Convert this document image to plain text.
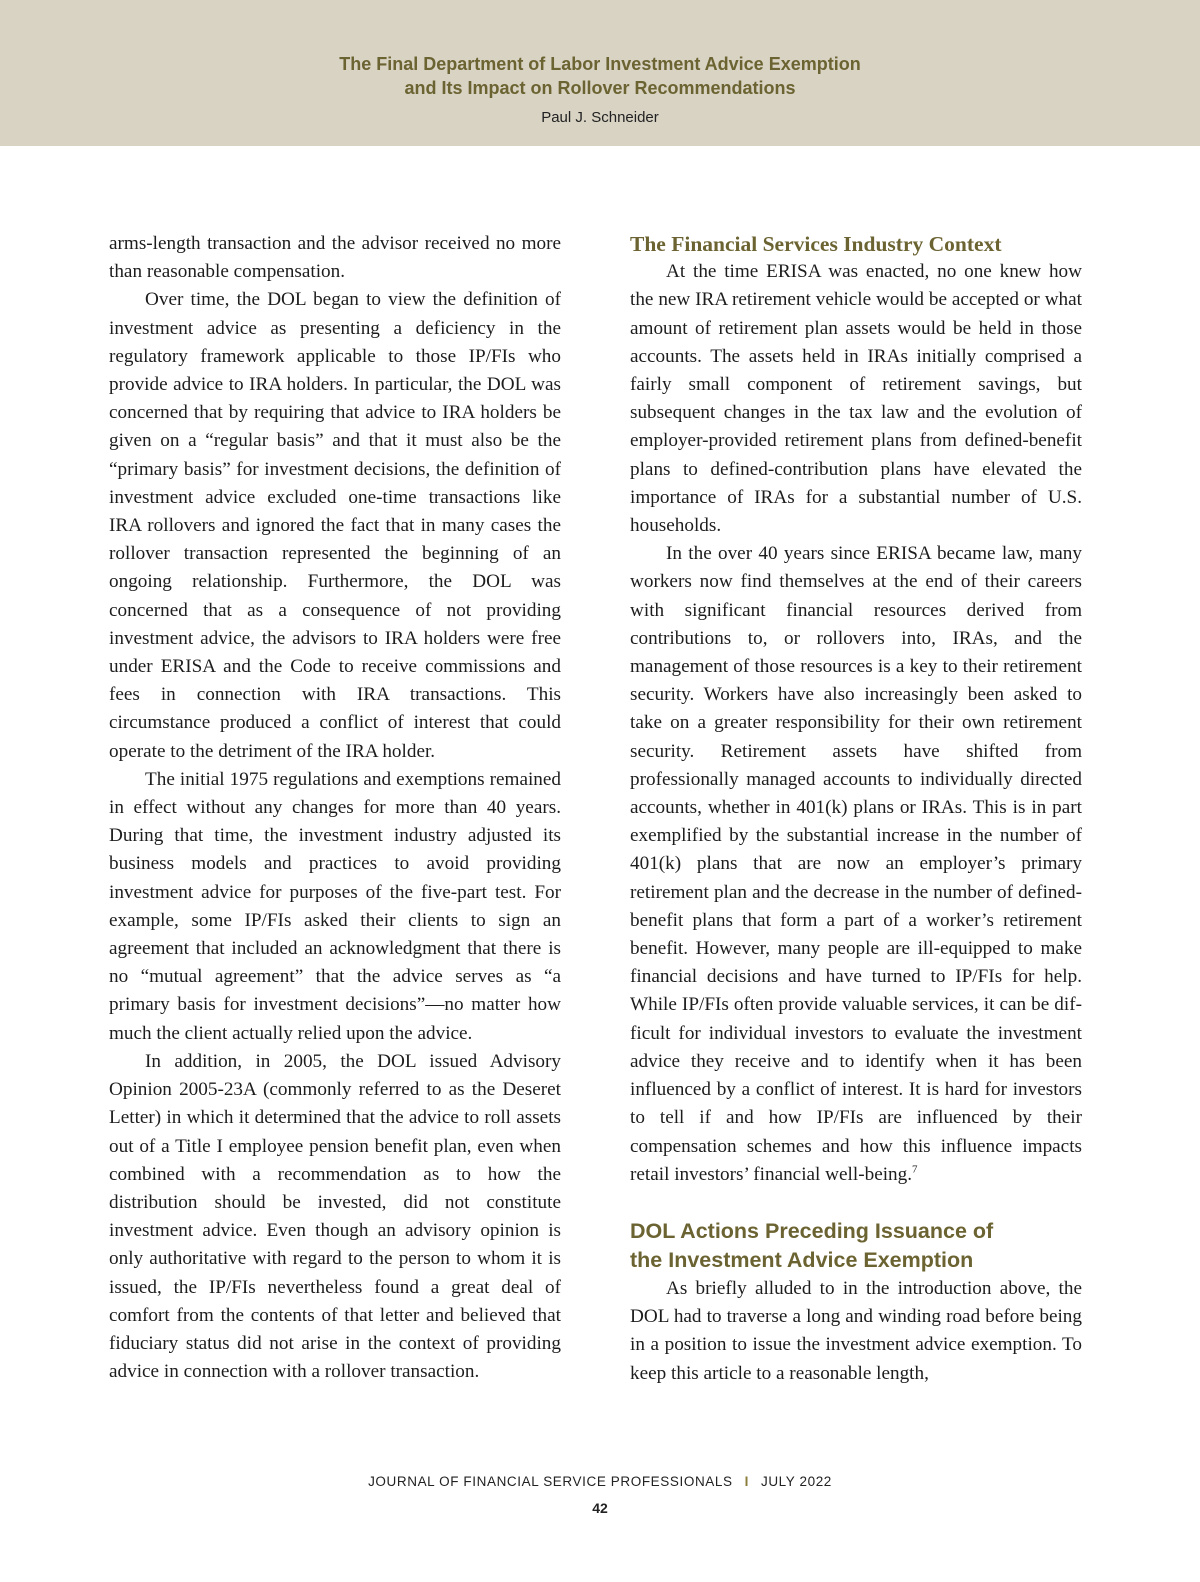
The Final Department of Labor Investment Advice Exemption
and Its Impact on Rollover Recommendations
Paul J. Schneider

arms-length transaction and the advisor received no more than reasonable compensation.

Over time, the DOL began to view the definition of investment advice as presenting a deficiency in the regulatory framework applicable to those IP/FIs who provide advice to IRA holders. In particular, the DOL was concerned that by requiring that advice to IRA holders be given on a “regular basis” and that it must also be the “primary basis” for investment decisions, the definition of investment advice excluded one-time transactions like IRA rollovers and ignored the fact that in many cases the rollover transaction represented the beginning of an ongoing relationship. Furthermore, the DOL was concerned that as a consequence of not providing investment advice, the advisors to IRA holders were free under ERISA and the Code to receive commissions and fees in connection with IRA transactions. This circumstance produced a conflict of interest that could operate to the detriment of the IRA holder.

The initial 1975 regulations and exemptions remained in effect without any changes for more than 40 years. During that time, the investment industry adjusted its business models and practices to avoid providing investment advice for purposes of the five-part test. For example, some IP/FIs asked their clients to sign an agreement that included an acknowledgment that there is no “mutual agreement” that the advice serves as “a primary basis for investment decisions”—no matter how much the client actually relied upon the advice.

In addition, in 2005, the DOL issued Advisory Opinion 2005-23A (commonly referred to as the Deseret Letter) in which it determined that the advice to roll assets out of a Title I employee pension benefit plan, even when combined with a recommendation as to how the distribution should be invested, did not constitute investment advice. Even though an advisory opinion is only authoritative with regard to the person to whom it is issued, the IP/FIs nevertheless found a great deal of comfort from the contents of that letter and believed that fiduciary status did not arise in the context of providing advice in connection with a rollover transaction.

The Financial Services Industry Context

At the time ERISA was enacted, no one knew how the new IRA retirement vehicle would be accepted or what amount of retirement plan assets would be held in those accounts. The assets held in IRAs initially comprised a fairly small component of retirement savings, but subsequent changes in the tax law and the evolution of employer-provided retirement plans from defined-benefit plans to defined-contribution plans have elevated the importance of IRAs for a substantial number of U.S. households.

In the over 40 years since ERISA became law, many workers now find themselves at the end of their careers with significant financial resources derived from contributions to, or rollovers into, IRAs, and the management of those resources is a key to their retirement security. Workers have also increasingly been asked to take on a greater responsibility for their own retirement security. Retirement assets have shifted from professionally managed accounts to individually directed accounts, whether in 401(k) plans or IRAs. This is in part exemplified by the substantial increase in the number of 401(k) plans that are now an employer’s primary retirement plan and the decrease in the number of defined-benefit plans that form a part of a worker’s retirement benefit. However, many people are ill-equipped to make financial decisions and have turned to IP/FIs for help. While IP/FIs often provide valuable services, it can be difficult for individual investors to evaluate the investment advice they receive and to identify when it has been influenced by a conflict of interest. It is hard for investors to tell if and how IP/FIs are influenced by their compensation schemes and how this influence impacts retail investors’ financial well-being.$^7$

DOL Actions Preceding Issuance of
the Investment Advice Exemption

As briefly alluded to in the introduction above, the DOL had to traverse a long and winding road before being in a position to issue the investment advice exemption. To keep this article to a reasonable length,

JOURNAL OF FINANCIAL SERVICE PROFESSIONALS I JULY 2022
42
